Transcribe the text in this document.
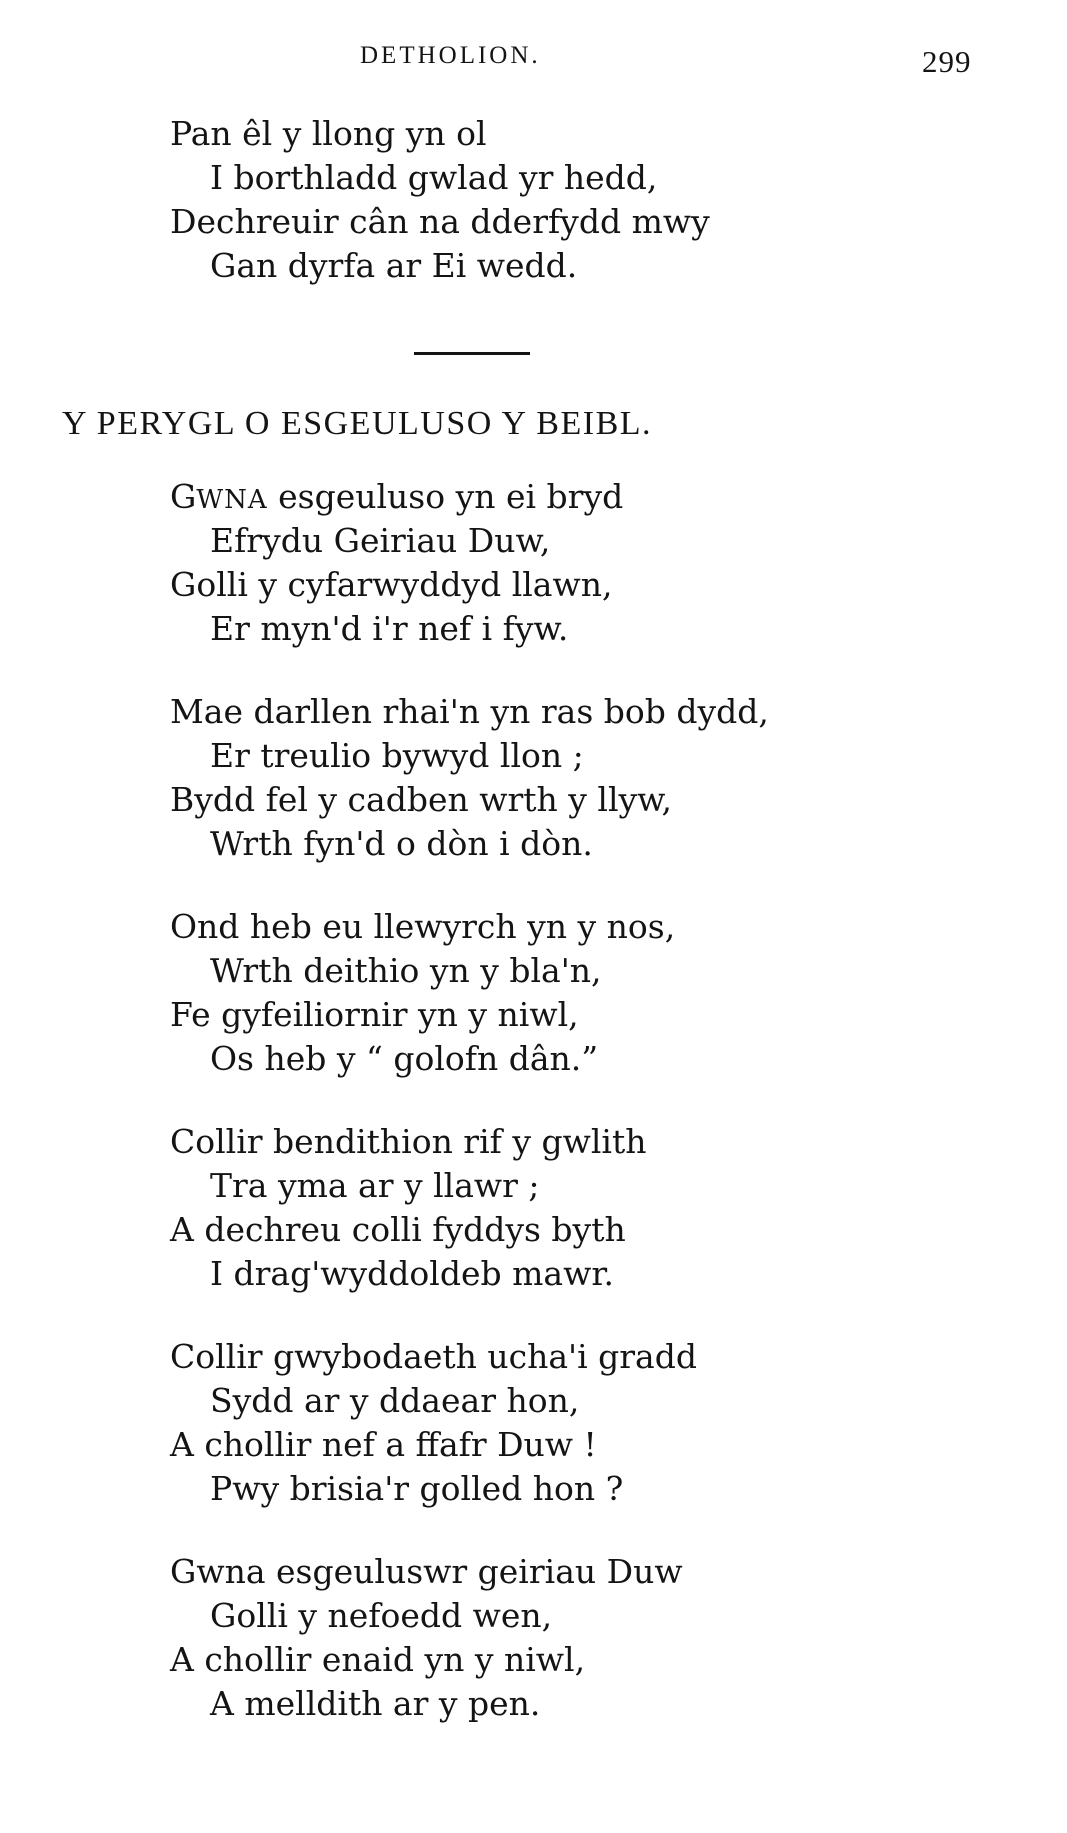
DETHOLION.	299
Pan êl y llong yn ol
I borthladd gwlad yr hedd,
Dechreuir cân na dderfydd mwy
Gan dyrfa ar Ei wedd.
Y PERYGL O ESGEULUSO Y BEIBL.
GWNA esgeuluso yn ei bryd
Efrydu Geiriau Duw,
Golli y cyfarwyddyd llawn,
Er myn'd i'r nef i fyw.
Mae darllen rhai'n yn ras bob dydd,
Er treulio bywyd llon ;
Bydd fel y cadben wrth y llyw,
Wrth fyn'd o dòn i dòn.
Ond heb eu llewyrch yn y nos,
Wrth deithio yn y bla'n,
Fe gyfeiliornir yn y niwl,
Os heb y “ golofn dân.”
Collir bendithion rif y gwlith
Tra yma ar y llawr ;
A dechreu colli fyddys byth
I drag'wyddoldeb mawr.
Collir gwybodaeth ucha'i gradd
Sydd ar y ddaear hon,
A chollir nef a ffafr Duw !
Pwy brisia'r golled hon ?
Gwna esgeuluswr geiriau Duw
Golli y nefoedd wen,
A chollir enaid yn y niwl,
A melldith ar y pen.
